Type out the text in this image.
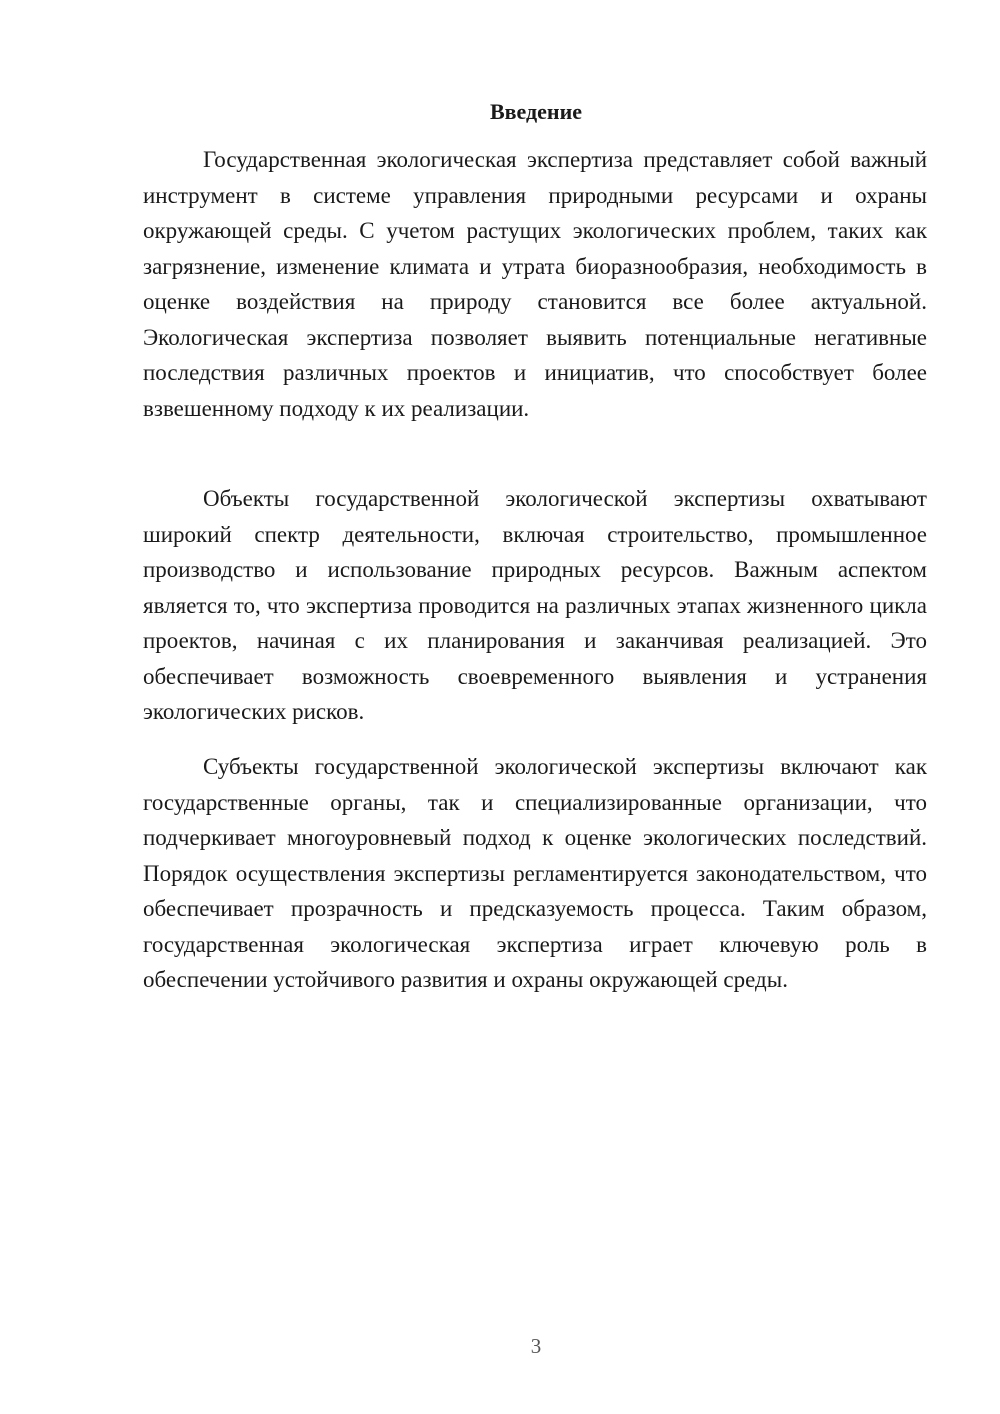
Введение

Государственная экологическая экспертиза представляет собой важный инструмент в системе управления природными ресурсами и охраны окружающей среды. С учетом растущих экологических проблем, таких как загрязнение, изменение климата и утрата биоразнообразия, необходимость в оценке воздействия на природу становится все более актуальной. Экологическая экспертиза позволяет выявить потенциальные негативные последствия различных проектов и инициатив, что способствует более взвешенному подходу к их реализации.

Объекты государственной экологической экспертизы охватывают широкий спектр деятельности, включая строительство, промышленное производство и использование природных ресурсов. Важным аспектом является то, что экспертиза проводится на различных этапах жизненного цикла проектов, начиная с их планирования и заканчивая реализацией. Это обеспечивает возможность своевременного выявления и устранения экологических рисков.

Субъекты государственной экологической экспертизы включают как государственные органы, так и специализированные организации, что подчеркивает многоуровневый подход к оценке экологических последствий. Порядок осуществления экспертизы регламентируется законодательством, что обеспечивает прозрачность и предсказуемость процесса. Таким образом, государственная экологическая экспертиза играет ключевую роль в обеспечении устойчивого развития и охраны окружающей среды.

3
